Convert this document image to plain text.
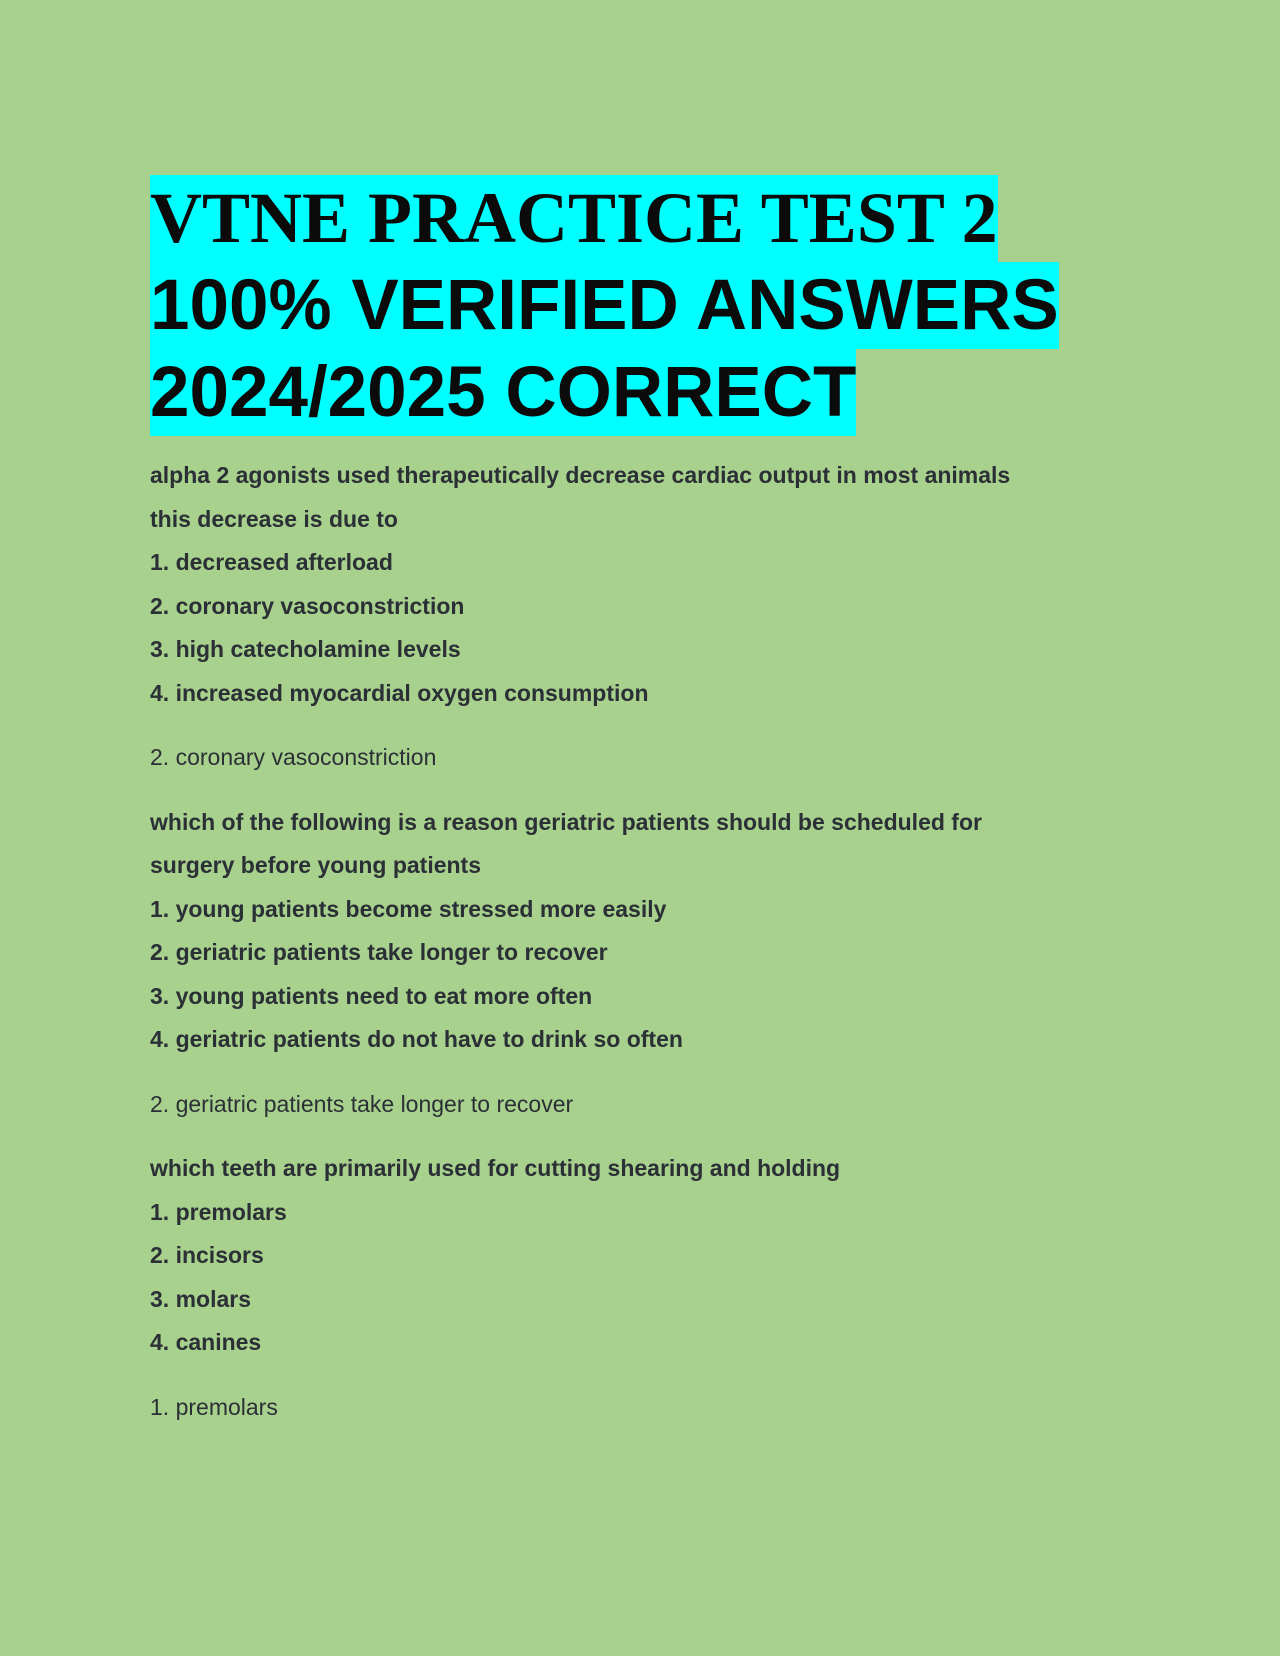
VTNE PRACTICE TEST 2
100% VERIFIED ANSWERS
2024/2025 CORRECT

alpha 2 agonists used therapeutically decrease cardiac output in most animals

this decrease is due to

1. decreased afterload

2. coronary vasoconstriction

3. high catecholamine levels

4. increased myocardial oxygen consumption

2. coronary vasoconstriction

which of the following is a reason geriatric patients should be scheduled for

surgery before young patients

1. young patients become stressed more easily

2. geriatric patients take longer to recover

3. young patients need to eat more often

4. geriatric patients do not have to drink so often

2. geriatric patients take longer to recover

which teeth are primarily used for cutting shearing and holding

1. premolars

2. incisors

3. molars

4. canines

1. premolars
